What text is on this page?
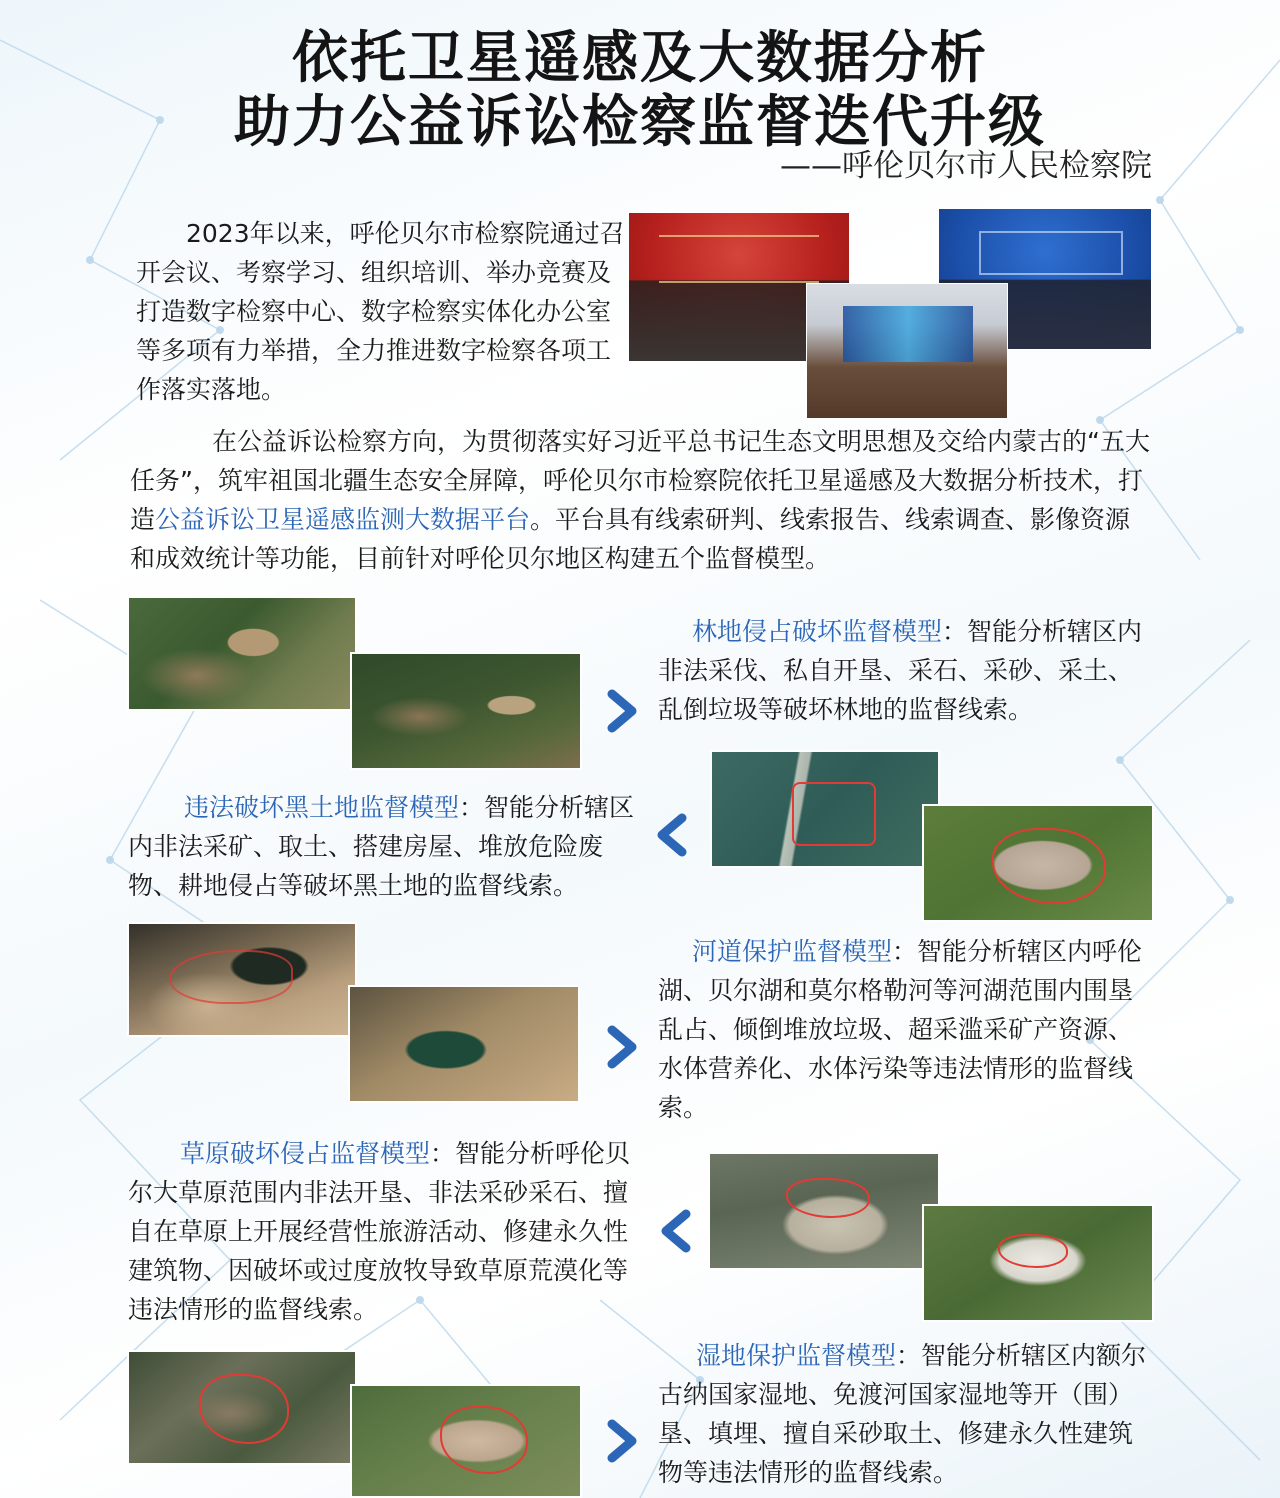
依托卫星遥感及大数据分析
助力公益诉讼检察监督迭代升级
——呼伦贝尔市人民检察院

2023年以来，呼伦贝尔市检察院通过召开会议、考察学习、组织培训、举办竞赛及打造数字检察中心、数字检察实体化办公室等多项有力举措，全力推进数字检察各项工作落实落地。

在公益诉讼检察方向，为贯彻落实好习近平总书记生态文明思想及交给内蒙古的“五大任务”，筑牢祖国北疆生态安全屏障，呼伦贝尔市检察院依托卫星遥感及大数据分析技术，打造公益诉讼卫星遥感监测大数据平台。平台具有线索研判、线索报告、线索调查、影像资源和成效统计等功能，目前针对呼伦贝尔地区构建五个监督模型。

林地侵占破坏监督模型：智能分析辖区内非法采伐、私自开垦、采石、采砂、采土、乱倒垃圾等破坏林地的监督线索。

违法破坏黑土地监督模型：智能分析辖区内非法采矿、取土、搭建房屋、堆放危险废物、耕地侵占等破坏黑土地的监督线索。

河道保护监督模型：智能分析辖区内呼伦湖、贝尔湖和莫尔格勒河等河湖范围内围垦乱占、倾倒堆放垃圾、超采滥采矿产资源、水体营养化、水体污染等违法情形的监督线索。

草原破坏侵占监督模型：智能分析呼伦贝尔大草原范围内非法开垦、非法采砂采石、擅自在草原上开展经营性旅游活动、修建永久性建筑物、因破坏或过度放牧导致草原荒漠化等违法情形的监督线索。

湿地保护监督模型：智能分析辖区内额尔古纳国家湿地、免渡河国家湿地等开（围）垦、填埋、擅自采砂取土、修建永久性建筑物等违法情形的监督线索。
